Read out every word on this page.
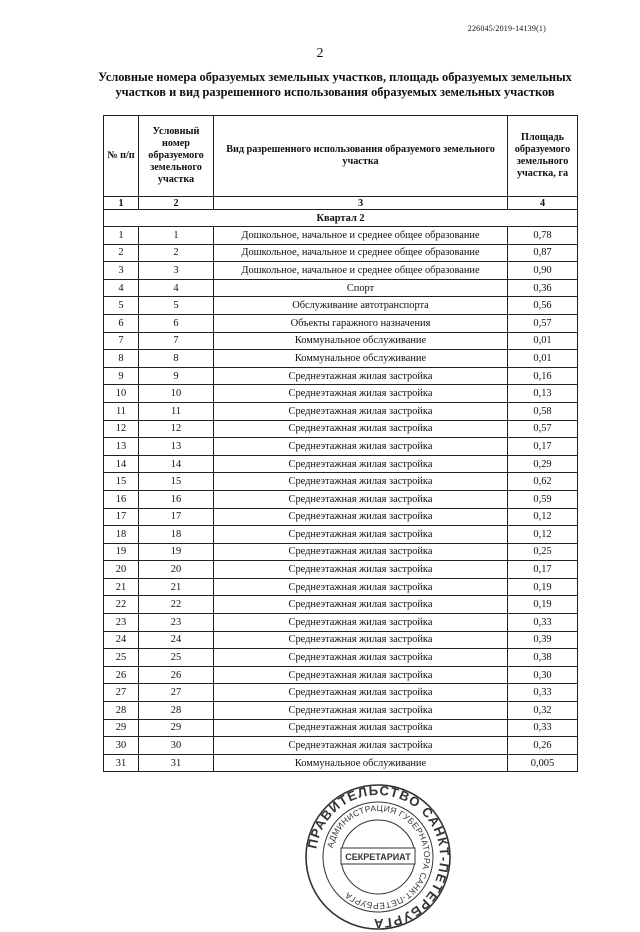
226045/2019-14139(1)
2
Условные номера образуемых земельных участков, площадь образуемых земельных
участков и вид разрешенного использования образуемых земельных участков
№ п/п	Условный номер образуемого земельного участка	Вид разрешенного использования образуемого земельного участка	Площадь образуемого земельного участка, га
1	2	3	4
Квартал 2			
1	1	Дошкольное, начальное и среднее общее образование	0,78
2	2	Дошкольное, начальное и среднее общее образование	0,87
3	3	Дошкольное, начальное и среднее общее образование	0,90
4	4	Спорт	0,36
5	5	Обслуживание автотранспорта	0,56
6	6	Объекты гаражного назначения	0,57
7	7	Коммунальное обслуживание	0,01
8	8	Коммунальное обслуживание	0,01
9	9	Среднеэтажная жилая застройка	0,16
10	10	Среднеэтажная жилая застройка	0,13
11	11	Среднеэтажная жилая застройка	0,58
12	12	Среднеэтажная жилая застройка	0,57
13	13	Среднеэтажная жилая застройка	0,17
14	14	Среднеэтажная жилая застройка	0,29
15	15	Среднеэтажная жилая застройка	0,62
16	16	Среднеэтажная жилая застройка	0,59
17	17	Среднеэтажная жилая застройка	0,12
18	18	Среднеэтажная жилая застройка	0,12
19	19	Среднеэтажная жилая застройка	0,25
20	20	Среднеэтажная жилая застройка	0,17
21	21	Среднеэтажная жилая застройка	0,19
22	22	Среднеэтажная жилая застройка	0,19
23	23	Среднеэтажная жилая застройка	0,33
24	24	Среднеэтажная жилая застройка	0,39
25	25	Среднеэтажная жилая застройка	0,38
26	26	Среднеэтажная жилая застройка	0,30
27	27	Среднеэтажная жилая застройка	0,33
28	28	Среднеэтажная жилая застройка	0,32
29	29	Среднеэтажная жилая застройка	0,33
30	30	Среднеэтажная жилая застройка	0,26
31	31	Коммунальное обслуживание	0,005
ПРАВИТЕЛЬСТВО САНКТ-ПЕТЕРБУРГА
АДМИНИСТРАЦИЯ ГУБЕРНАТОРА САНКТ-ПЕТЕРБУРГА
СЕКРЕТАРИАТ
